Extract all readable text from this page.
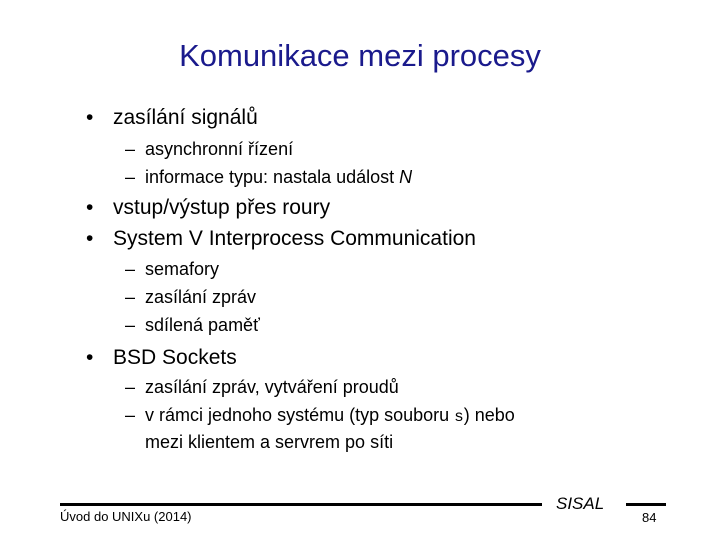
Komunikace mezi procesy
• zasílání signálů
– asynchronní řízení
– informace typu: nastala událost N
• vstup/výstup přes roury
• System V Interprocess Communication
– semafory
– zasílání zpráv
– sdílená paměť
• BSD Sockets
– zasílání zpráv, vytváření proudů
– v rámci jednoho systému (typ souboru s) nebo
mezi klientem a servrem po síti
Úvod do UNIXu (2014)
SISAL
84
